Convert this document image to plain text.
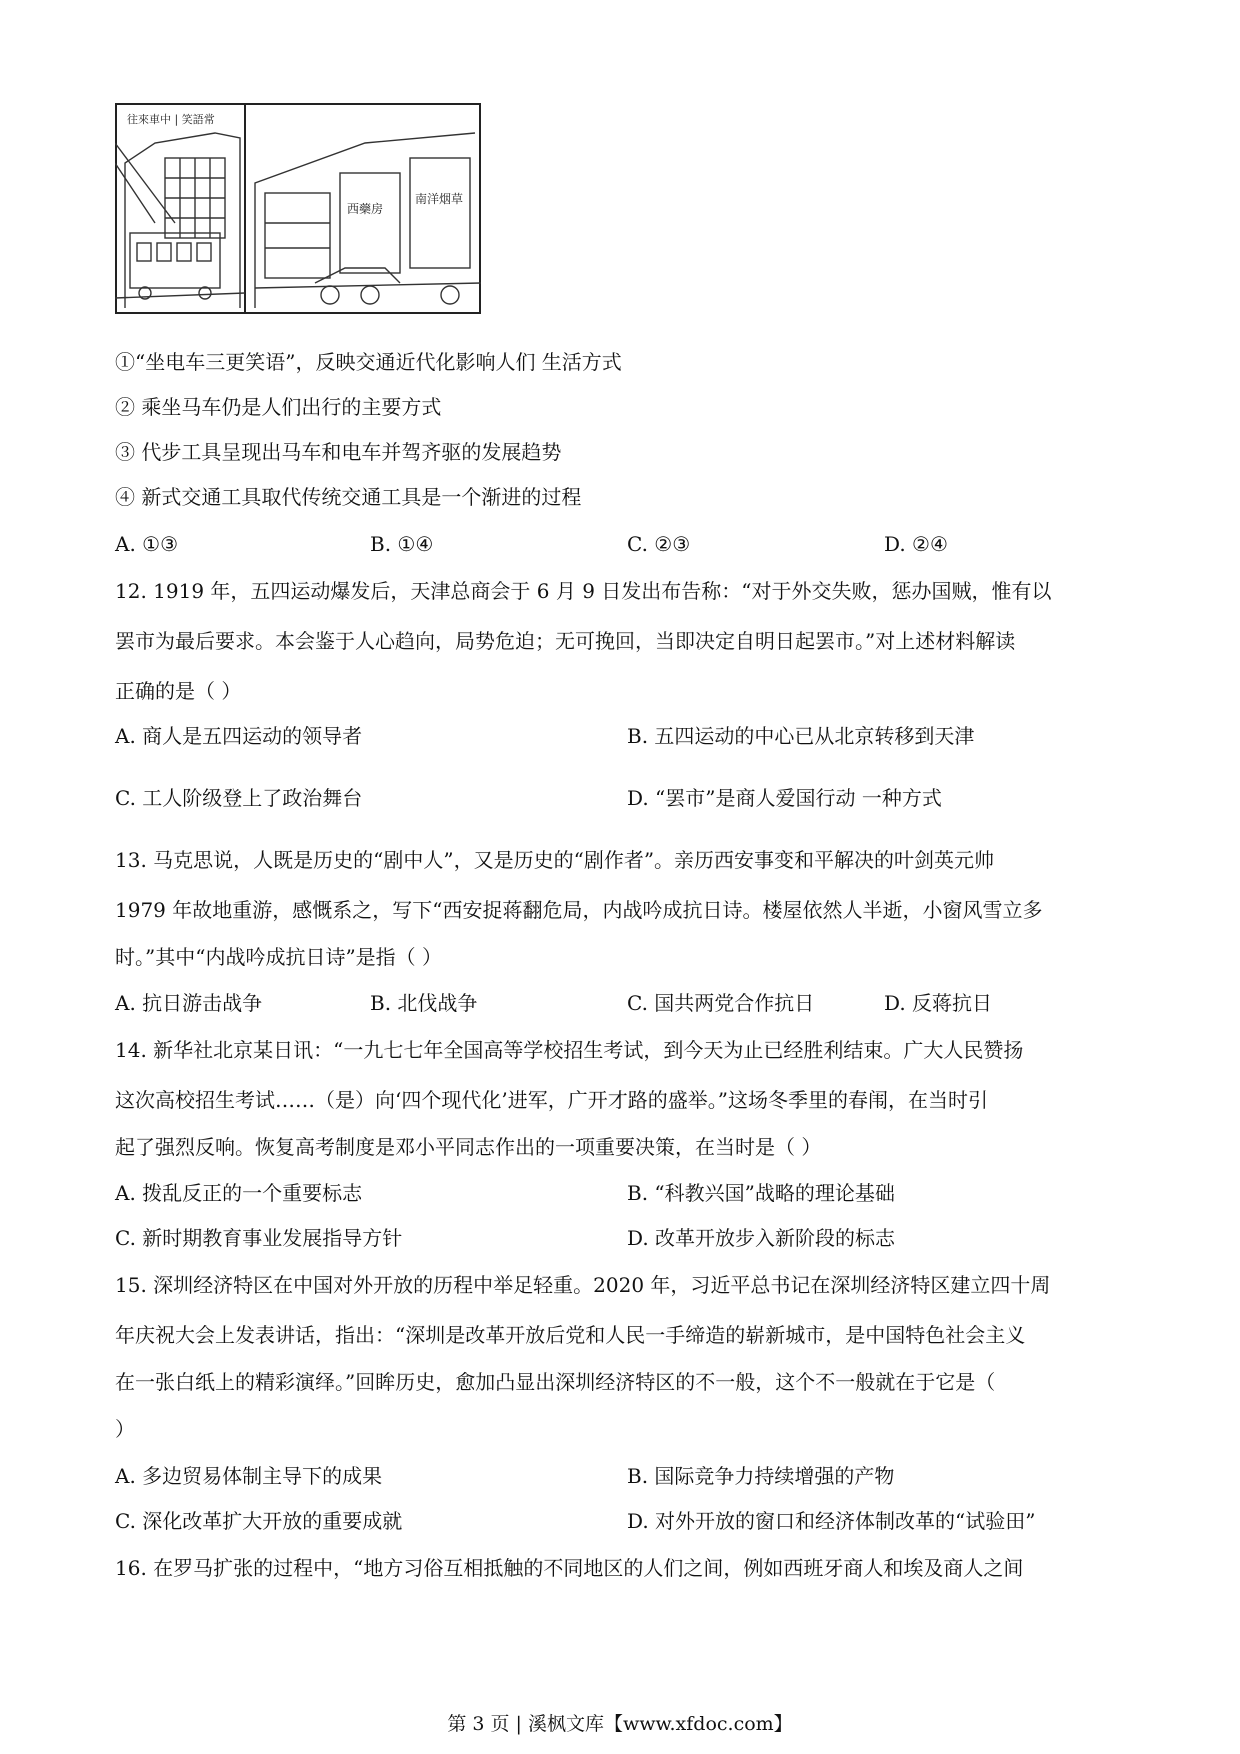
往來車中 | 笑語常
西藥房
南洋烟草
①“坐电车三更笑语”，反映交通近代化影响人们 生活方式
② 乘坐马车仍是人们出行的主要方式
③ 代步工具呈现出马车和电车并驾齐驱的发展趋势
④ 新式交通工具取代传统交通工具是一个渐进的过程
A. ①③	B. ①④	C. ②③	D. ②④
12. 1919 年，五四运动爆发后，天津总商会于 6 月 9 日发出布告称：“对于外交失败，惩办国贼，惟有以
罢市为最后要求。本会鉴于人心趋向，局势危迫；无可挽回，当即决定自明日起罢市。”对上述材料解读
正确的是（ ）
A. 商人是五四运动的领导者	B. 五四运动的中心已从北京转移到天津
C. 工人阶级登上了政治舞台	D. “罢市”是商人爱国行动 一种方式
13. 马克思说，人既是历史的“剧中人”，又是历史的“剧作者”。亲历西安事变和平解决的叶剑英元帅
1979 年故地重游，感慨系之，写下“西安捉蒋翻危局，内战吟成抗日诗。楼屋依然人半逝，小窗风雪立多
时。”其中“内战吟成抗日诗”是指（ ）
A. 抗日游击战争	B. 北伐战争	C. 国共两党合作抗日	D. 反蒋抗日
14. 新华社北京某日讯：“一九七七年全国高等学校招生考试，到今天为止已经胜利结束。广大人民赞扬
这次高校招生考试……（是）向‘四个现代化’进军，广开才路的盛举。”这场冬季里的春闱，在当时引
起了强烈反响。恢复高考制度是邓小平同志作出的一项重要决策，在当时是（ ）
A. 拨乱反正的一个重要标志	B. “科教兴国”战略的理论基础
C. 新时期教育事业发展指导方针	D. 改革开放步入新阶段的标志
15. 深圳经济特区在中国对外开放的历程中举足轻重。2020 年，习近平总书记在深圳经济特区建立四十周
年庆祝大会上发表讲话，指出：“深圳是改革开放后党和人民一手缔造的崭新城市，是中国特色社会主义
在一张白纸上的精彩演绎。”回眸历史，愈加凸显出深圳经济特区的不一般，这个不一般就在于它是（
）
A. 多边贸易体制主导下的成果	B. 国际竞争力持续增强的产物
C. 深化改革扩大开放的重要成就	D. 对外开放的窗口和经济体制改革的“试验田”
16. 在罗马扩张的过程中，“地方习俗互相抵触的不同地区的人们之间，例如西班牙商人和埃及商人之间
第 3 页 | 溪枫文库【www.xfdoc.com】
